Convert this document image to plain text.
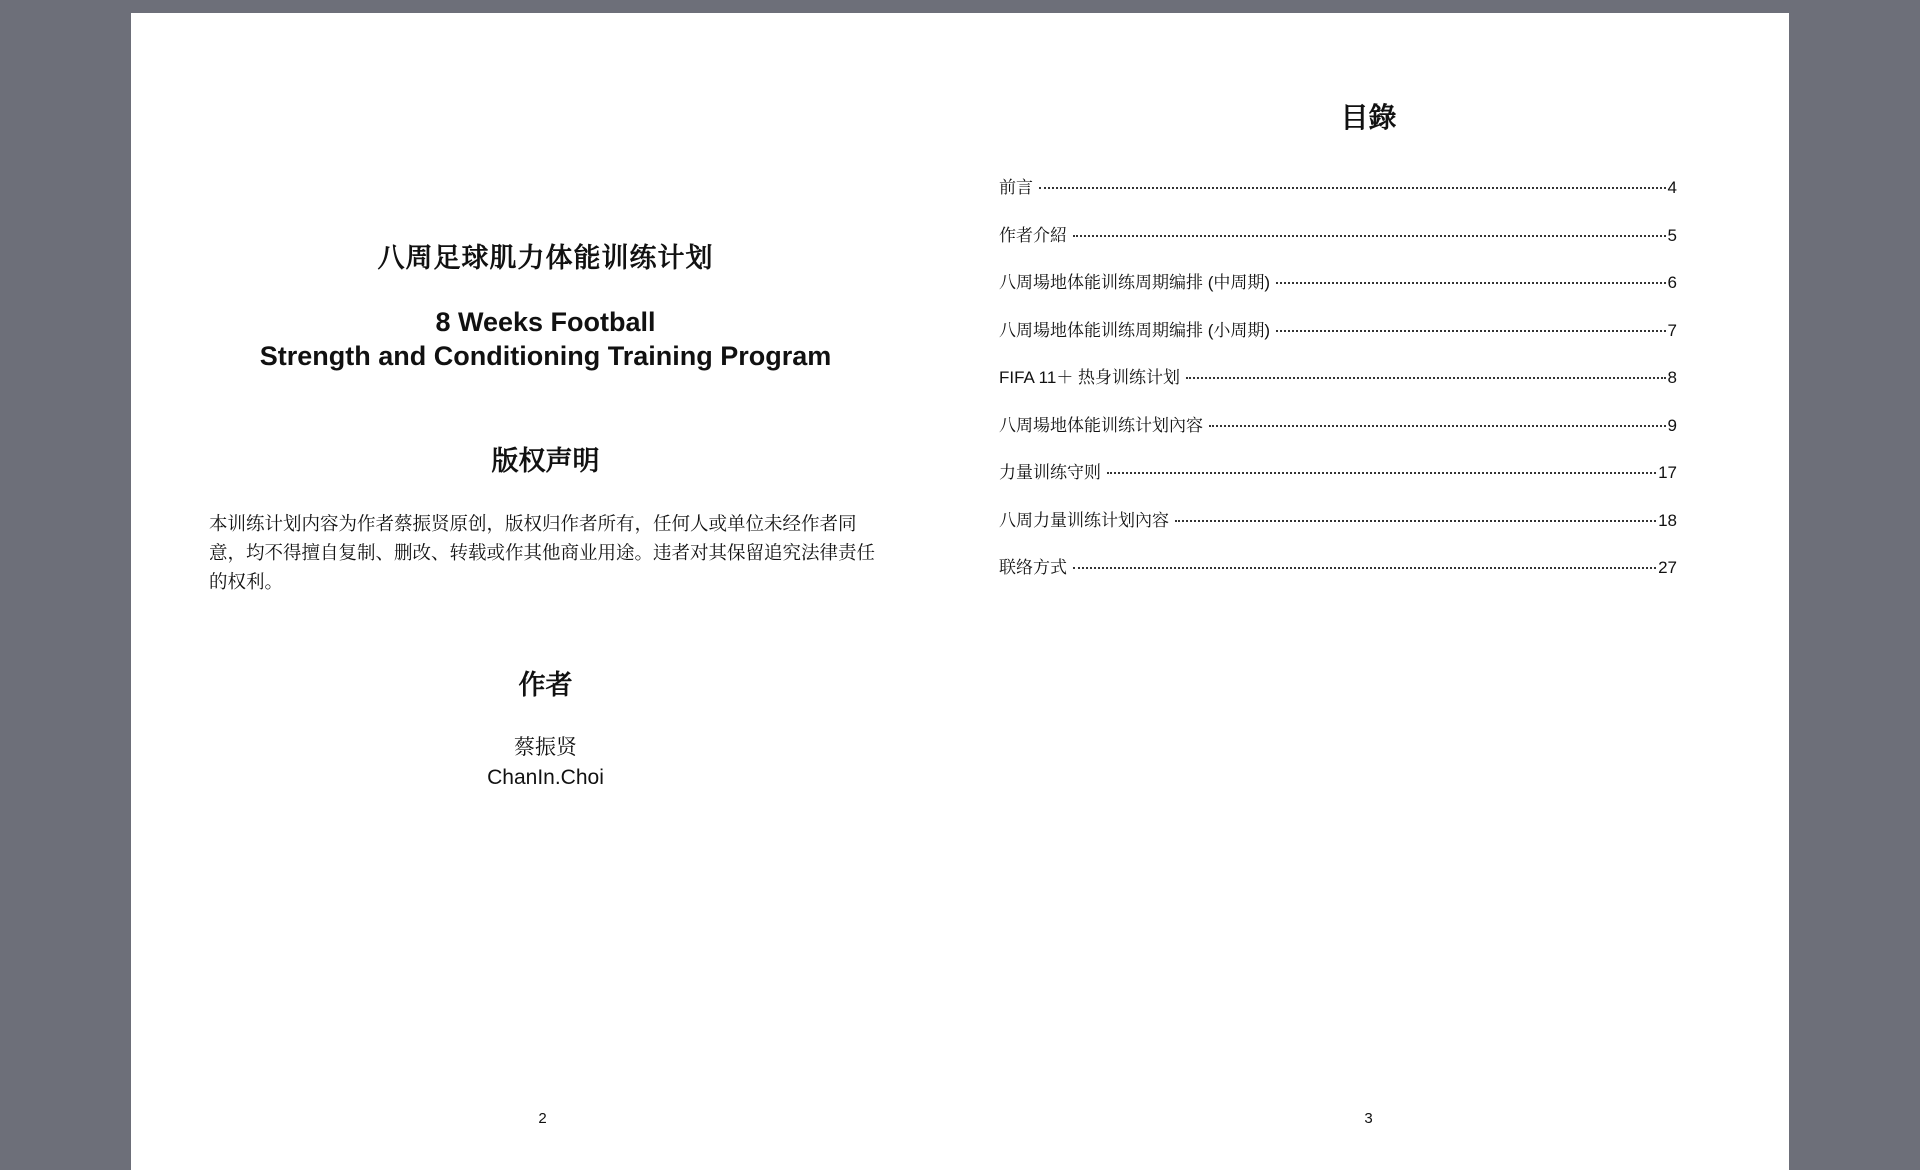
八周足球肌力体能训练计划
8 Weeks Football
Strength and Conditioning Training Program
版权声明
本训练计划内容为作者蔡振贤原创，版权归作者所有，任何人或单位未经作者同意，均不得擅自复制、删改、转载或作其他商业用途。违者对其保留追究法律责任的权利。
作者
蔡振贤
ChanIn.Choi
2
目錄
前言	4
作者介紹	5
八周場地体能训练周期编排 (中周期)	6
八周場地体能训练周期编排 (小周期)	7
FIFA 11＋ 热身训练计划	8
八周場地体能训练计划內容	9
力量训练守则	17
八周力量训练计划內容	18
联络方式	27
3
